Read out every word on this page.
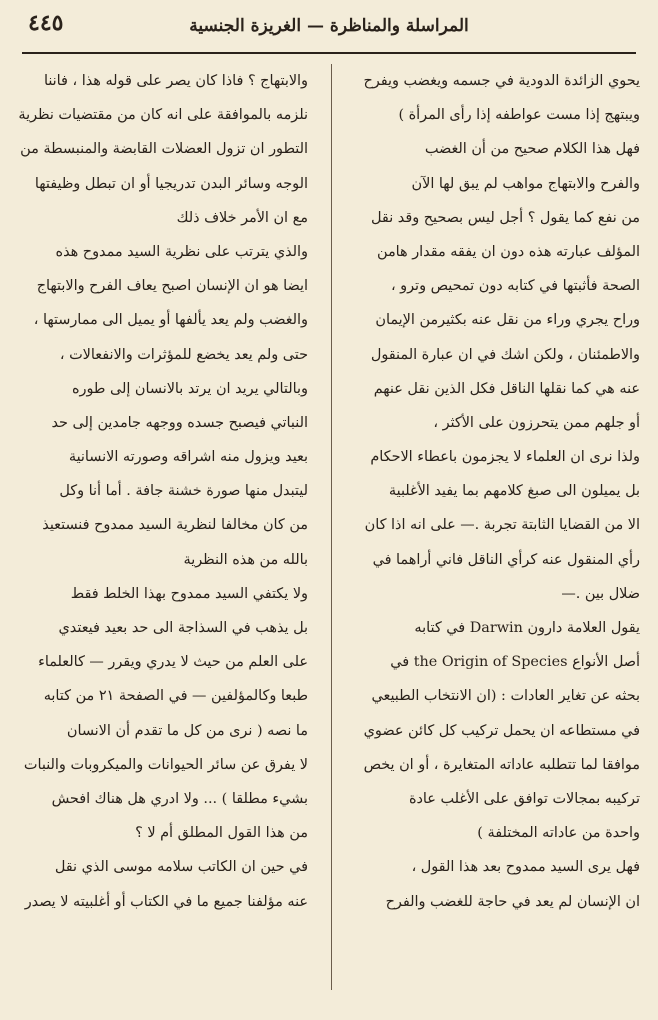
المراسلة والمناظرة — الغريزة الجنسية
٤٤٥
يحوي الزائدة الدودية في جسمه ويغضب ويفرح
ويبتهج إذا مست عواطفه إذا رأى المرأة )
فهل هذا الكلام صحيح من أن الغضب
والفرح والابتهاج مواهب لم يبق لها الآن
من نفع كما يقول ؟ أجل ليس بصحيح وقد نقل
المؤلف عبارته هذه دون ان يفقه مقدار هامن
الصحة فأثبتها في كتابه دون تمحيص وترو ،
وراح يجري وراء من نقل عنه بكثيرمن الإيمان
والاطمئنان ، ولكن اشك في ان عبارة المنقول
عنه هي كما نقلها الناقل فكل الذين نقل عنهم
أو جلهم ممن يتحرزون على الأكثر ،
ولذا نرى ان العلماء لا يجزمون باعطاء الاحكام
بل يميلون الى صبغ كلامهم بما يفيد الأغلبية
الا من القضايا الثابتة تجربة .— على انه اذا كان
رأي المنقول عنه كرأي الناقل فاني أراهما في
ضلال بين .—
يقول العلامة دارون Darwin في كتابه
أصل الأنواع the Origin of Species في
بحثه عن تغاير العادات : (ان الانتخاب الطبيعي
في مستطاعه ان يحمل تركيب كل كائن عضوي
موافقا لما تتطلبه عاداته المتغايرة ، أو ان يخص
تركيبه بمجالات توافق على الأغلب عادة
واحدة من عاداته المختلفة )
فهل يرى السيد ممدوح بعد هذا القول ،
ان الإنسان لم يعد في حاجة للغضب والفرح
والابتهاج ؟ فاذا كان يصر على قوله هذا ، فاننا
نلزمه بالموافقة على انه كان من مقتضيات نظرية
التطور ان تزول العضلات القابضة والمنبسطة من
الوجه وسائر البدن تدريجيا أو ان تبطل وظيفتها
مع ان الأمر خلاف ذلك
والذي يترتب على نظرية السيد ممدوح هذه
ايضا هو ان الإنسان اصبح يعاف الفرح والابتهاج
والغضب ولم يعد يألفها أو يميل الى ممارستها ،
حتى ولم يعد يخضع للمؤثرات والانفعالات ،
وبالتالي يريد ان يرتد بالانسان إلى طوره
النباتي فيصبح جسده ووجهه جامدين إلى حد
بعيد ويزول منه اشراقه وصورته الانسانية
ليتبدل منها صورة خشنة جافة . أما أنا وكل
من كان مخالفا لنظرية السيد ممدوح فنستعيذ
بالله من هذه النظرية
ولا يكتفي السيد ممدوح بهذا الخلط فقط
بل يذهب في السذاجة الى حد بعيد فيعتدي
على العلم من حيث لا يدري ويقرر — كالعلماء
طبعا وكالمؤلفين — في الصفحة ٢١ من كتابه
ما نصه ( نرى من كل ما تقدم أن الانسان
لا يفرق عن سائر الحيوانات والميكروبات والنبات
بشيء مطلقا ) ... ولا ادري هل هناك افحش
من هذا القول المطلق أم لا ؟
في حين ان الكاتب سلامه موسى الذي نقل
عنه مؤلفنا جميع ما في الكتاب أو أغلبيته لا يصدر
